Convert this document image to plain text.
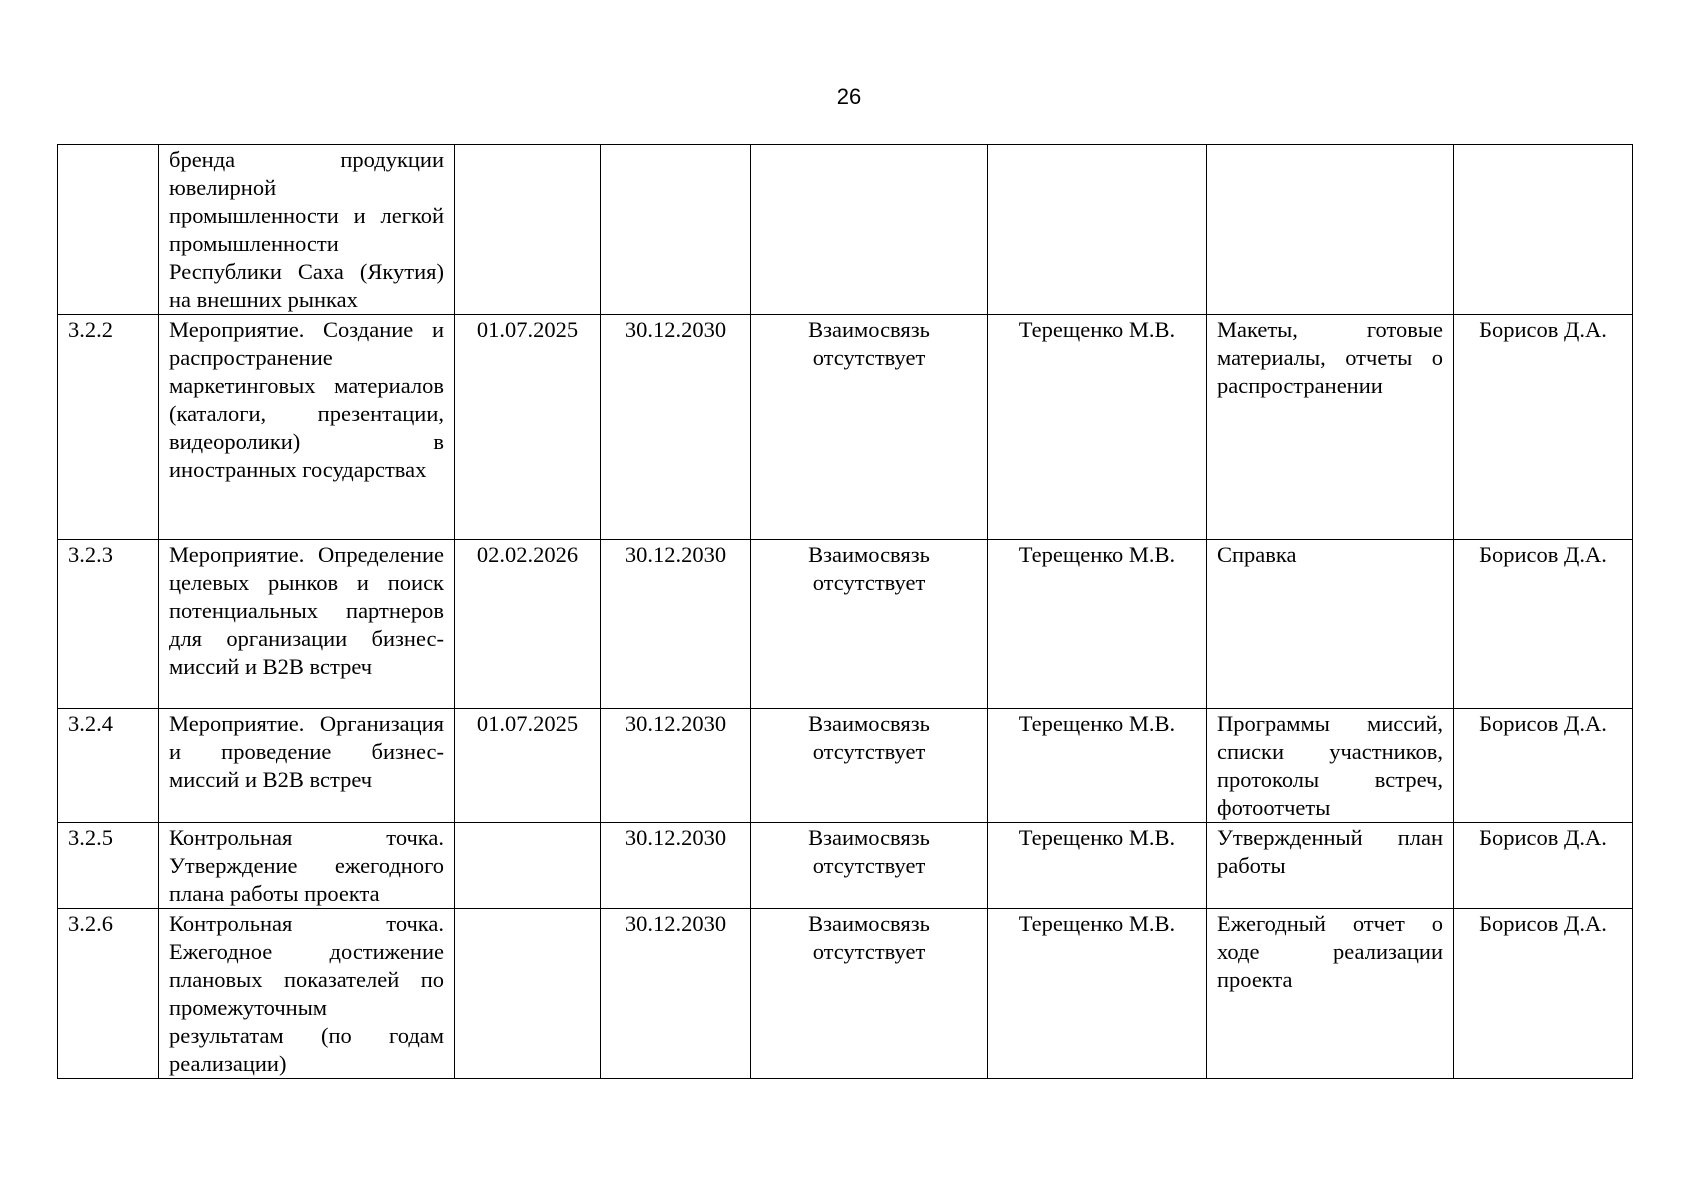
26
	бренда продукции ювелирной промышленности и легкой промышленности Республики Саха (Якутия) на внешних рынках						
3.2.2	Мероприятие. Создание и распространение маркетинговых материалов (каталоги, презентации, видеоролики) в иностранных государствах	01.07.2025	30.12.2030	Взаимосвязь отсутствует	Терещенко М.В.	Макеты, готовые материалы, отчеты о распространении	Борисов Д.А.
3.2.3	Мероприятие. Определение целевых рынков и поиск потенциальных партнеров для организации бизнес-миссий и B2B встреч	02.02.2026	30.12.2030	Взаимосвязь отсутствует	Терещенко М.В.	Справка	Борисов Д.А.
3.2.4	Мероприятие. Организация и проведение бизнес-миссий и B2B встреч	01.07.2025	30.12.2030	Взаимосвязь отсутствует	Терещенко М.В.	Программы миссий, списки участников, протоколы встреч, фотоотчеты	Борисов Д.А.
3.2.5	Контрольная точка. Утверждение ежегодного плана работы проекта		30.12.2030	Взаимосвязь отсутствует	Терещенко М.В.	Утвержденный план работы	Борисов Д.А.
3.2.6	Контрольная точка. Ежегодное достижение плановых показателей по промежуточным результатам (по годам реализации)		30.12.2030	Взаимосвязь отсутствует	Терещенко М.В.	Ежегодный отчет о ходе реализации проекта	Борисов Д.А.
